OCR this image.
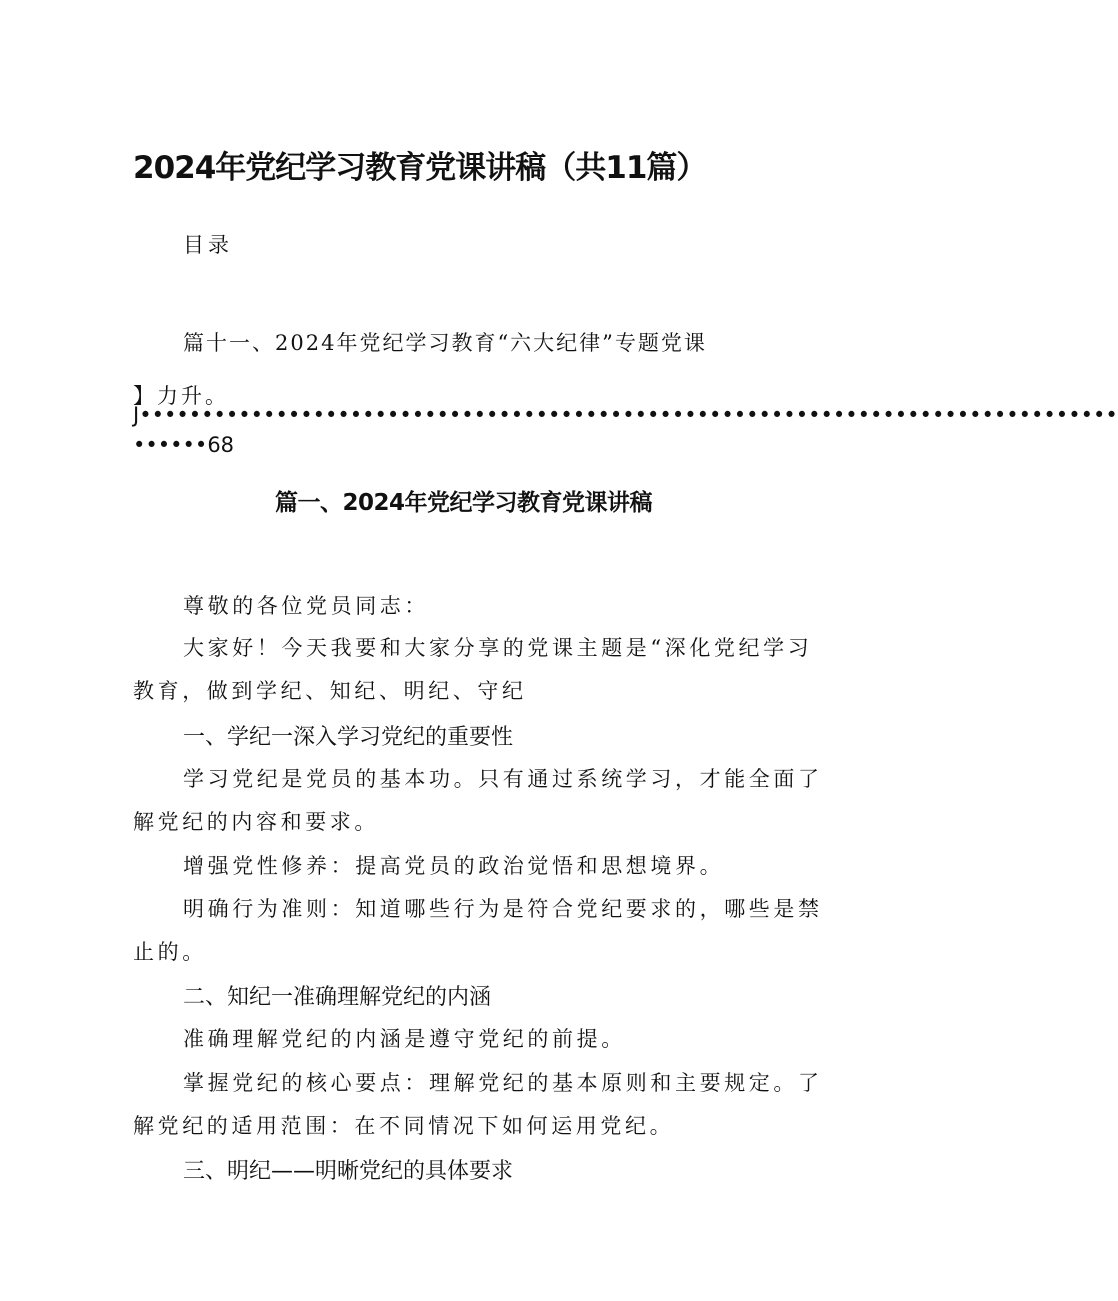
2024年党纪学习教育党课讲稿（共11篇）
目录
篇十一、2024年党纪学习教育“六大纪律”专题党课
】力升。
J•••••••••••••••••••••••••••••••••••••••••••••••••••••••••••••••••••••••••••••••
••••••68
篇一、2024年党纪学习教育党课讲稿
尊敬的各位党员同志：
大家好！今天我要和大家分享的党课主题是“深化党纪学习
教育，做到学纪、知纪、明纪、守纪
一、学纪一深入学习党纪的重要性
学习党纪是党员的基本功。只有通过系统学习，才能全面了
解党纪的内容和要求。
增强党性修养：提高党员的政治觉悟和思想境界。
明确行为准则：知道哪些行为是符合党纪要求的，哪些是禁
止的。
二、知纪一准确理解党纪的内涵
准确理解党纪的内涵是遵守党纪的前提。
掌握党纪的核心要点：理解党纪的基本原则和主要规定。了
解党纪的适用范围：在不同情况下如何运用党纪。
三、明纪——明晰党纪的具体要求
